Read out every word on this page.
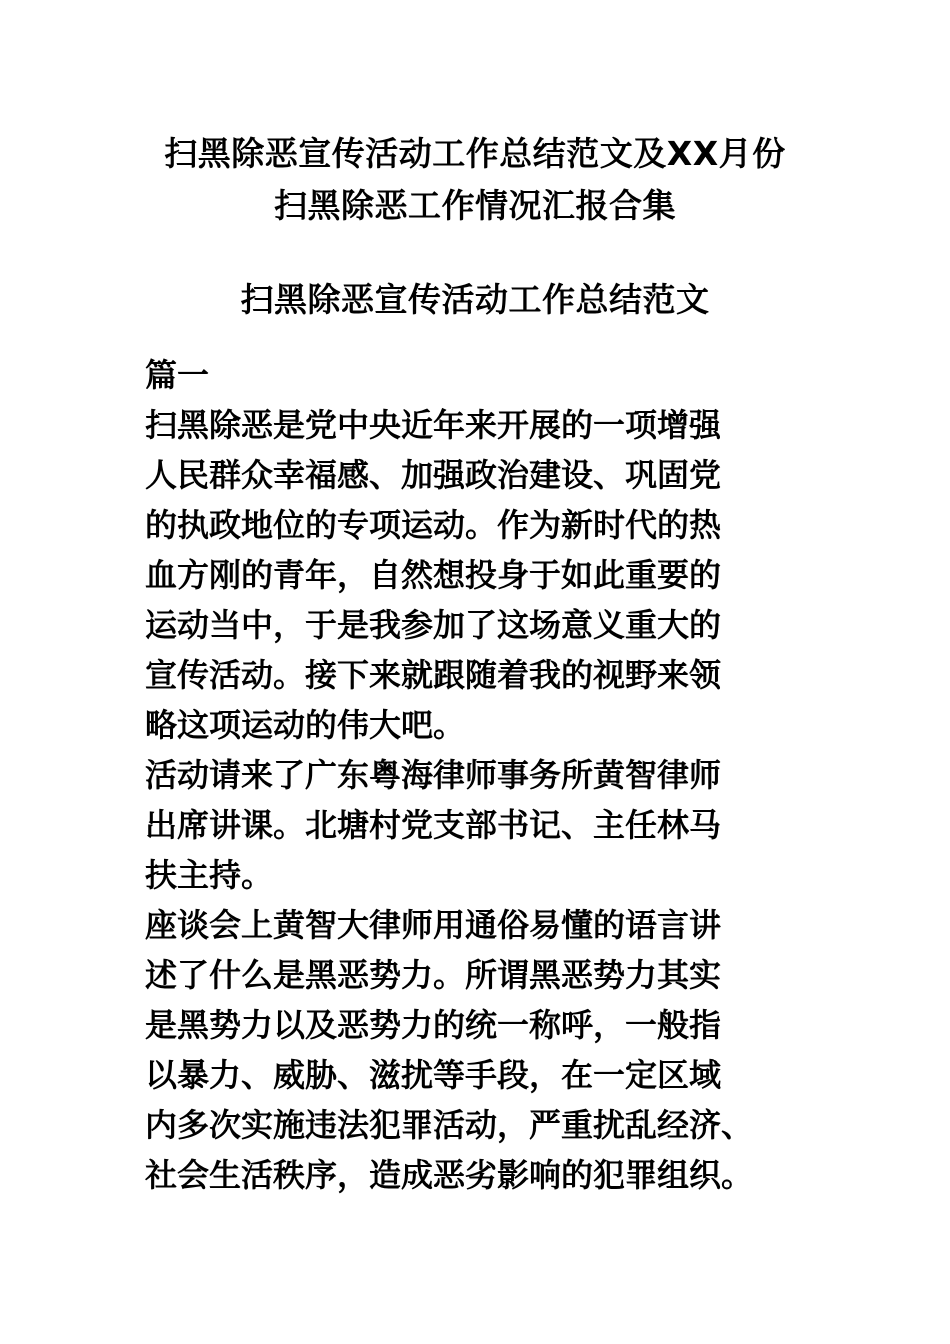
扫黑除恶宣传活动工作总结范文及XX月份
扫黑除恶工作情况汇报合集
扫黑除恶宣传活动工作总结范文
篇一
扫黑除恶是党中央近年来开展的一项增强
人民群众幸福感、加强政治建设、巩固党
的执政地位的专项运动。作为新时代的热
血方刚的青年，自然想投身于如此重要的
运动当中，于是我参加了这场意义重大的
宣传活动。接下来就跟随着我的视野来领
略这项运动的伟大吧。
活动请来了广东粤海律师事务所黄智律师
出席讲课。北塘村党支部书记、主任林马
扶主持。
座谈会上黄智大律师用通俗易懂的语言讲
述了什么是黑恶势力。所谓黑恶势力其实
是黑势力以及恶势力的统一称呼，一般指
以暴力、威胁、滋扰等手段，在一定区域
内多次实施违法犯罪活动，严重扰乱经济、
社会生活秩序，造成恶劣影响的犯罪组织。
